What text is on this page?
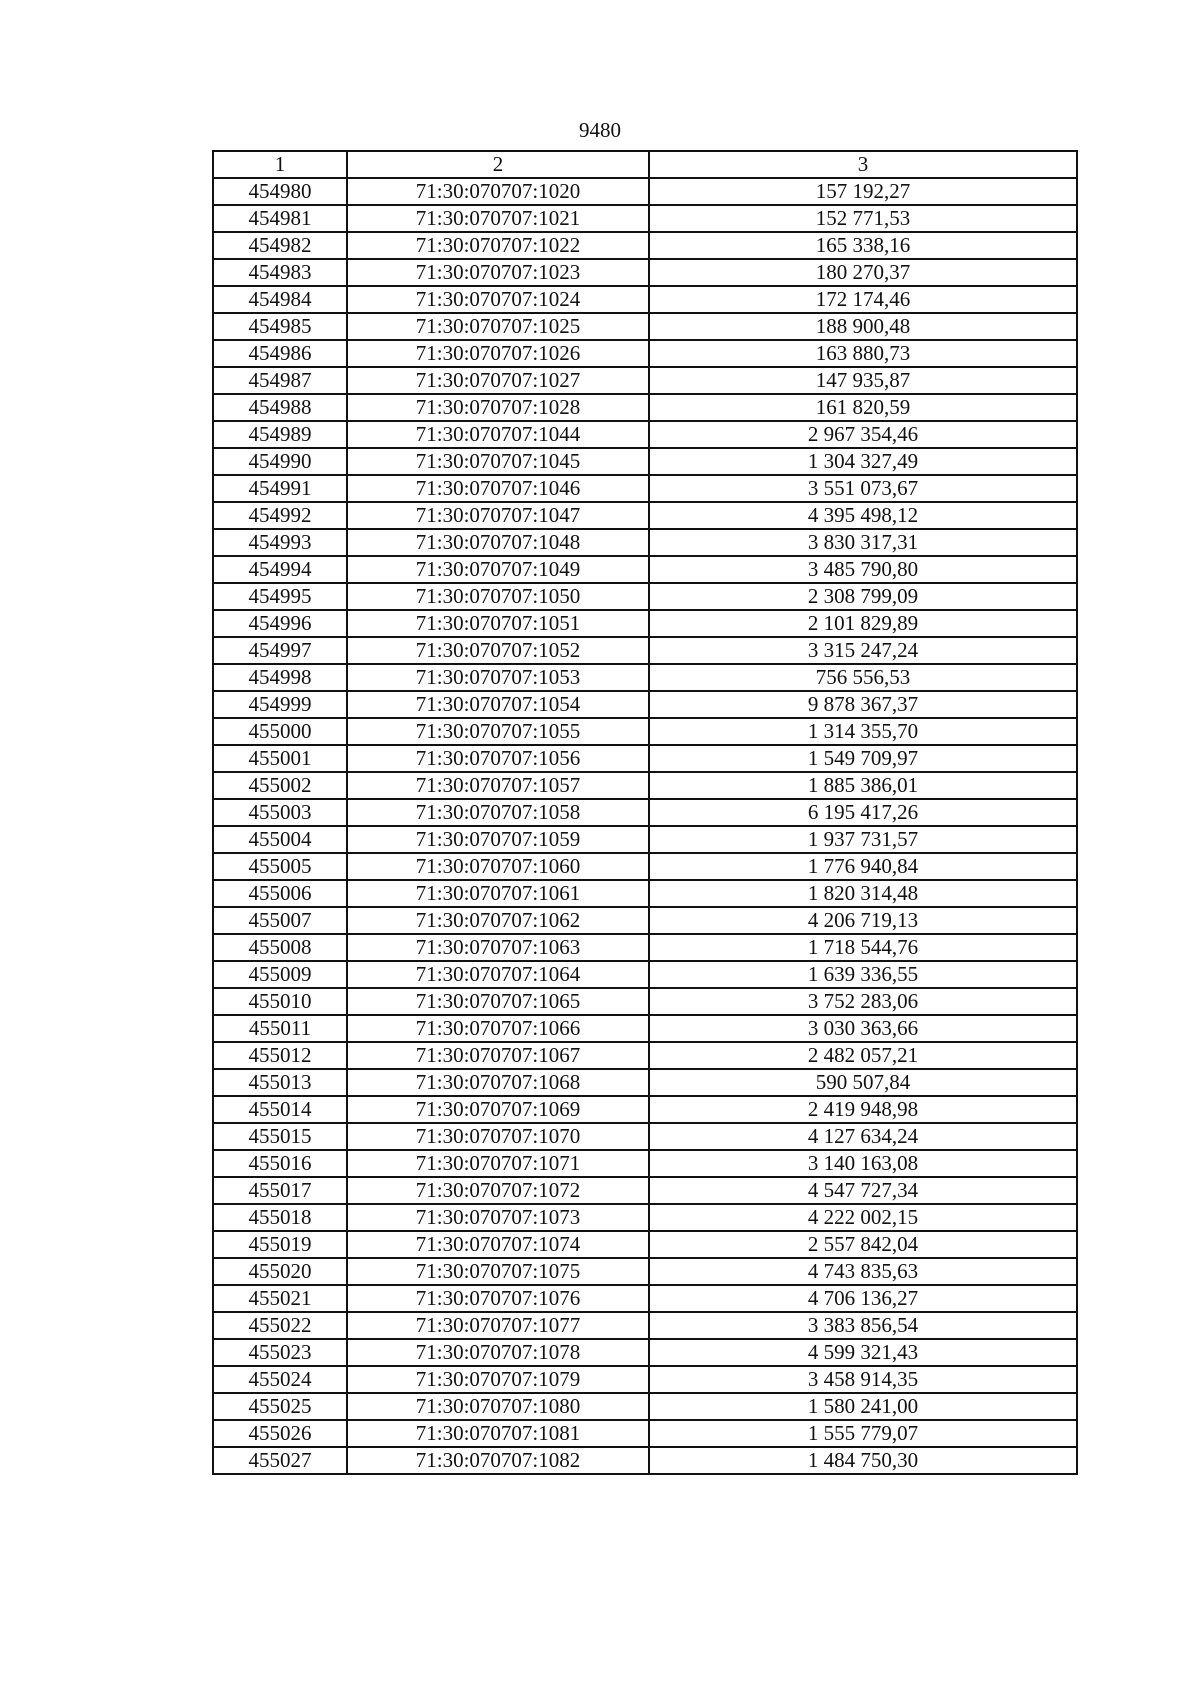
9480
1	2	3
454980	71:30:070707:1020	157 192,27
454981	71:30:070707:1021	152 771,53
454982	71:30:070707:1022	165 338,16
454983	71:30:070707:1023	180 270,37
454984	71:30:070707:1024	172 174,46
454985	71:30:070707:1025	188 900,48
454986	71:30:070707:1026	163 880,73
454987	71:30:070707:1027	147 935,87
454988	71:30:070707:1028	161 820,59
454989	71:30:070707:1044	2 967 354,46
454990	71:30:070707:1045	1 304 327,49
454991	71:30:070707:1046	3 551 073,67
454992	71:30:070707:1047	4 395 498,12
454993	71:30:070707:1048	3 830 317,31
454994	71:30:070707:1049	3 485 790,80
454995	71:30:070707:1050	2 308 799,09
454996	71:30:070707:1051	2 101 829,89
454997	71:30:070707:1052	3 315 247,24
454998	71:30:070707:1053	756 556,53
454999	71:30:070707:1054	9 878 367,37
455000	71:30:070707:1055	1 314 355,70
455001	71:30:070707:1056	1 549 709,97
455002	71:30:070707:1057	1 885 386,01
455003	71:30:070707:1058	6 195 417,26
455004	71:30:070707:1059	1 937 731,57
455005	71:30:070707:1060	1 776 940,84
455006	71:30:070707:1061	1 820 314,48
455007	71:30:070707:1062	4 206 719,13
455008	71:30:070707:1063	1 718 544,76
455009	71:30:070707:1064	1 639 336,55
455010	71:30:070707:1065	3 752 283,06
455011	71:30:070707:1066	3 030 363,66
455012	71:30:070707:1067	2 482 057,21
455013	71:30:070707:1068	590 507,84
455014	71:30:070707:1069	2 419 948,98
455015	71:30:070707:1070	4 127 634,24
455016	71:30:070707:1071	3 140 163,08
455017	71:30:070707:1072	4 547 727,34
455018	71:30:070707:1073	4 222 002,15
455019	71:30:070707:1074	2 557 842,04
455020	71:30:070707:1075	4 743 835,63
455021	71:30:070707:1076	4 706 136,27
455022	71:30:070707:1077	3 383 856,54
455023	71:30:070707:1078	4 599 321,43
455024	71:30:070707:1079	3 458 914,35
455025	71:30:070707:1080	1 580 241,00
455026	71:30:070707:1081	1 555 779,07
455027	71:30:070707:1082	1 484 750,30
